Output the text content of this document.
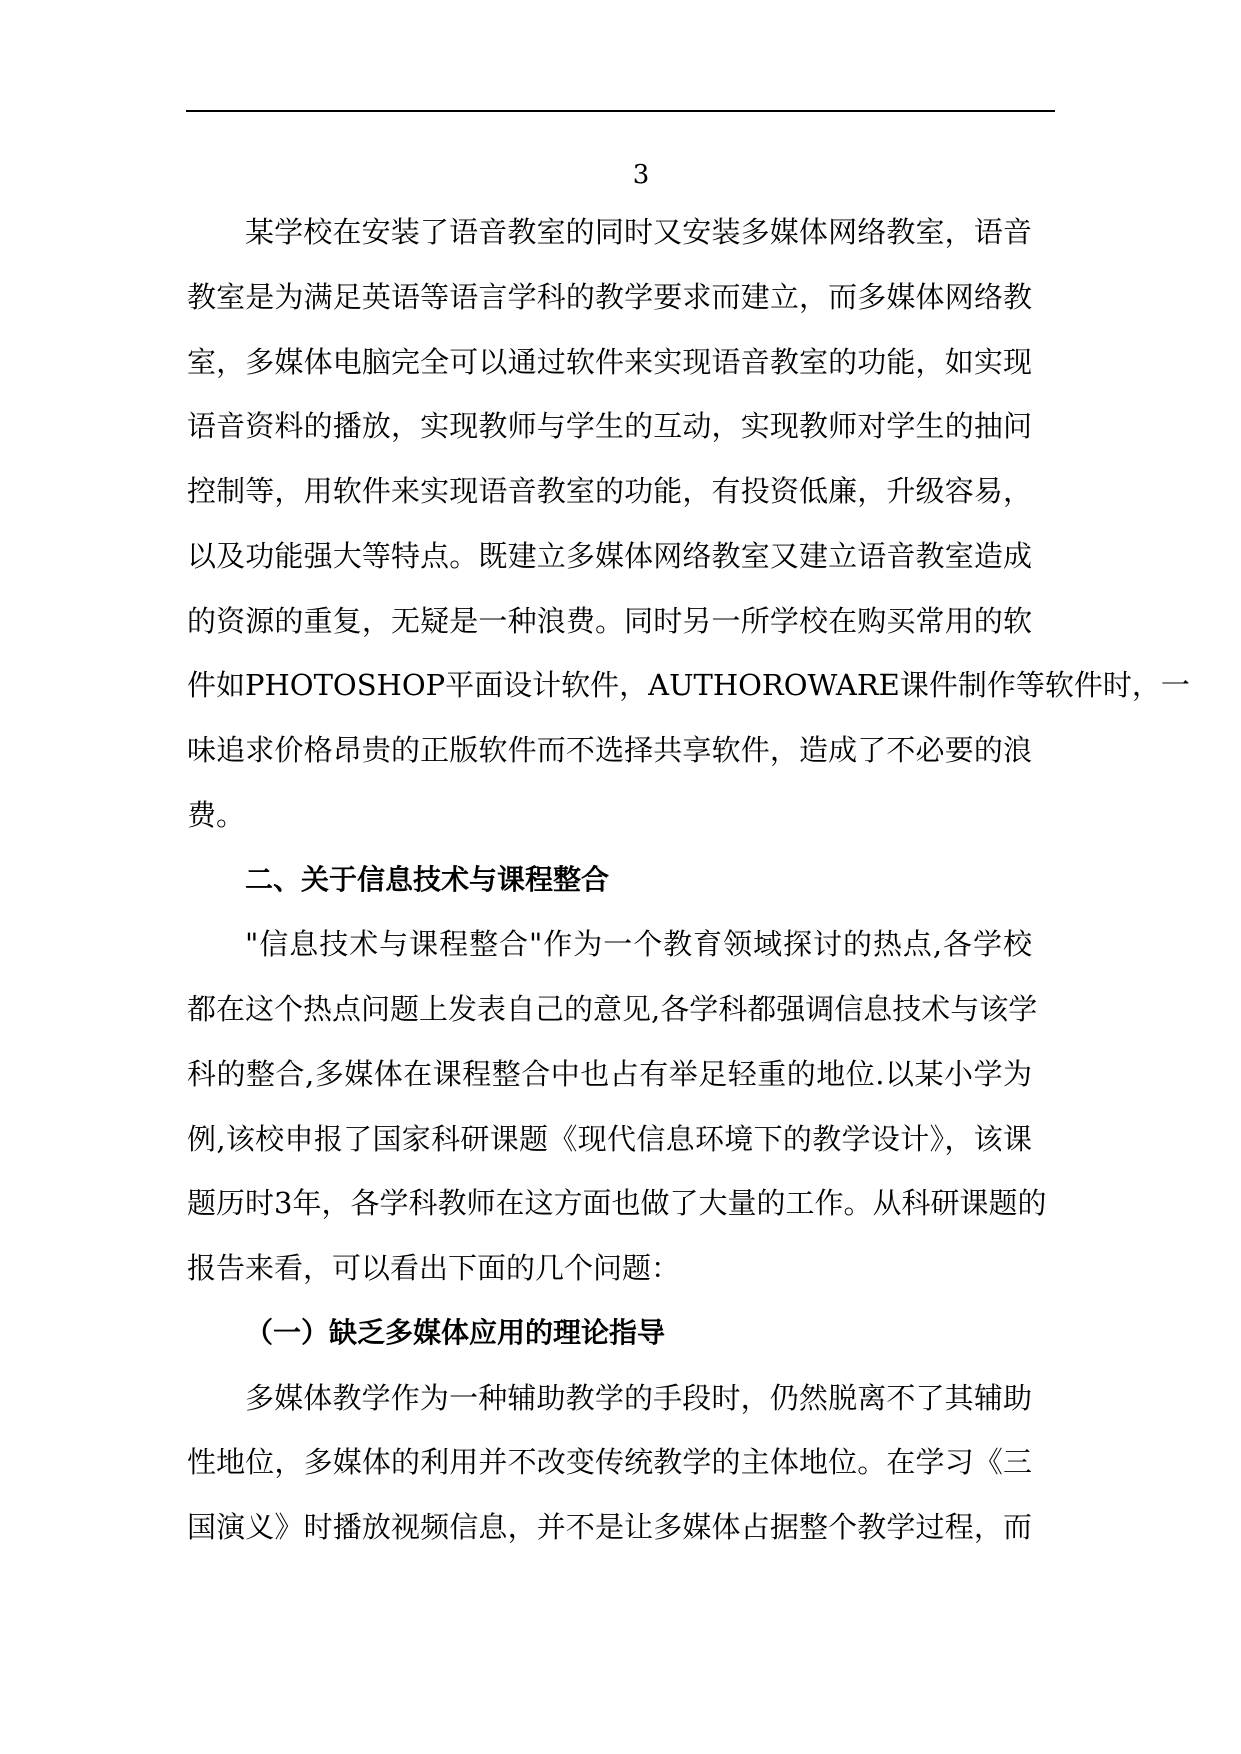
3
某学校在安装了语音教室的同时又安装多媒体网络教室，语音
教室是为满足英语等语言学科的教学要求而建立，而多媒体网络教
室，多媒体电脑完全可以通过软件来实现语音教室的功能，如实现
语音资料的播放，实现教师与学生的互动，实现教师对学生的抽问
控制等，用软件来实现语音教室的功能，有投资低廉，升级容易，
以及功能强大等特点。既建立多媒体网络教室又建立语音教室造成
的资源的重复，无疑是一种浪费。同时另一所学校在购买常用的软
件如PHOTOSHOP平面设计软件，AUTHOROWARE课件制作等软件时，一
味追求价格昂贵的正版软件而不选择共享软件，造成了不必要的浪
费。
二、关于信息技术与课程整合
"信息技术与课程整合"作为一个教育领域探讨的热点,各学校
都在这个热点问题上发表自己的意见,各学科都强调信息技术与该学
科的整合,多媒体在课程整合中也占有举足轻重的地位.以某小学为
例,该校申报了国家科研课题《现代信息环境下的教学设计》，该课
题历时3年，各学科教师在这方面也做了大量的工作。从科研课题的
报告来看，可以看出下面的几个问题：
（一）缺乏多媒体应用的理论指导
多媒体教学作为一种辅助教学的手段时，仍然脱离不了其辅助
性地位，多媒体的利用并不改变传统教学的主体地位。在学习《三
国演义》时播放视频信息，并不是让多媒体占据整个教学过程，而
